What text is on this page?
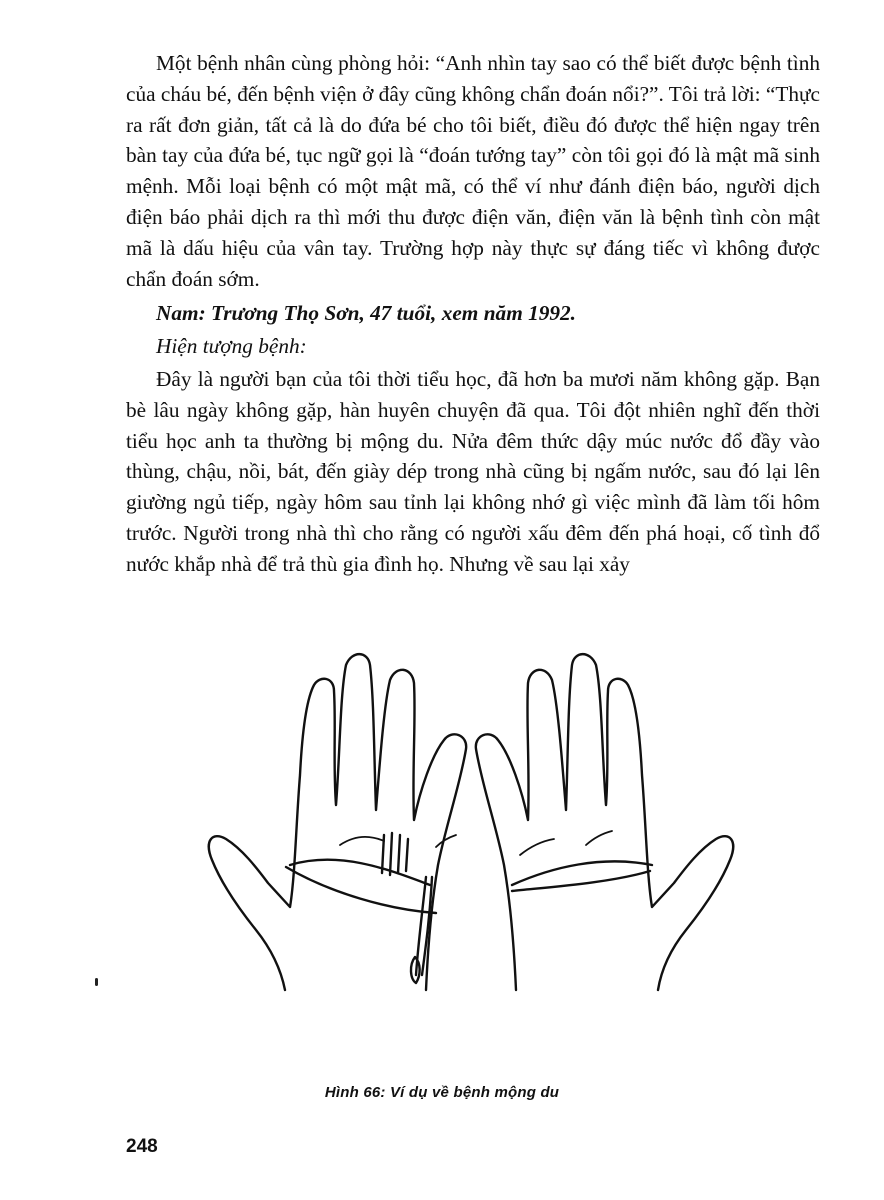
Một bệnh nhân cùng phòng hỏi: “Anh nhìn tay sao có thể biết được bệnh tình của cháu bé, đến bệnh viện ở đây cũng không chẩn đoán nổi?”. Tôi trả lời: “Thực ra rất đơn giản, tất cả là do đứa bé cho tôi biết, điều đó được thể hiện ngay trên bàn tay của đứa bé, tục ngữ gọi là “đoán tướng tay” còn tôi gọi đó là mật mã sinh mệnh. Mỗi loại bệnh có một mật mã, có thể ví như đánh điện báo, người dịch điện báo phải dịch ra thì mới thu được điện văn, điện văn là bệnh tình còn mật mã là dấu hiệu của vân tay. Trường hợp này thực sự đáng tiếc vì không được chẩn đoán sớm.

Nam: Trương Thọ Sơn, 47 tuổi, xem năm 1992.

Hiện tượng bệnh:

Đây là người bạn của tôi thời tiểu học, đã hơn ba mươi năm không gặp. Bạn bè lâu ngày không gặp, hàn huyên chuyện đã qua. Tôi đột nhiên nghĩ đến thời tiểu học anh ta thường bị mộng du. Nửa đêm thức dậy múc nước đổ đầy vào thùng, chậu, nồi, bát, đến giày dép trong nhà cũng bị ngấm nước, sau đó lại lên giường ngủ tiếp, ngày hôm sau tỉnh lại không nhớ gì việc mình đã làm tối hôm trước. Người trong nhà thì cho rằng có người xấu đêm đến phá hoại, cố tình đổ nước khắp nhà để trả thù gia đình họ. Nhưng về sau lại xảy

Hình 66: Ví dụ về bệnh mộng du
248
